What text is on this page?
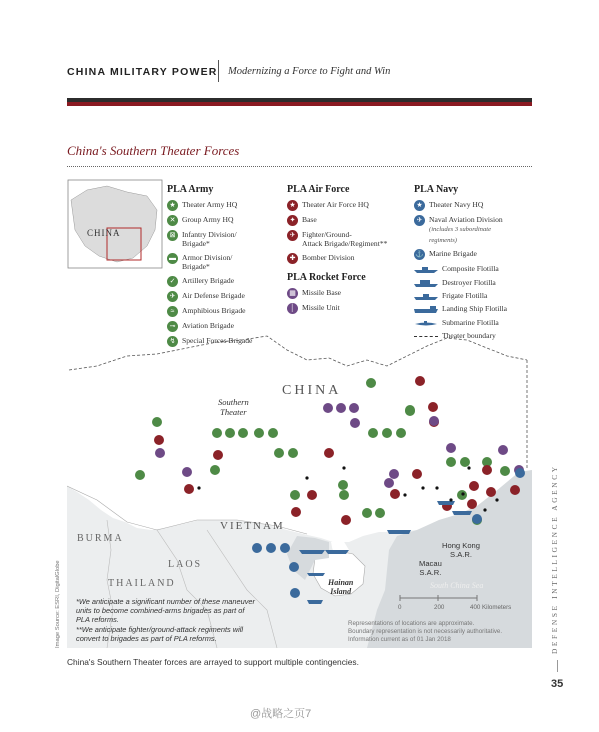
CHINA MILITARY POWER Modernizing a Force to Fight and Win
China's Southern Theater Forces
CHINA
PLA Army
★ Theater Army HQ
✕ Group Army HQ
⊠ Infantry Division/
Brigade*
▬ Armor Division/
Brigade*
✓ Artillery Brigade
✈ Air Defense Brigade
≈ Amphibious Brigade
⊸ Aviation Brigade
↯ Special Forces Brigade
PLA Air Force
★ Theater Air Force HQ
✦ Base
✈ Fighter/Ground-
Attack Brigade/Regiment**
✚ Bomber Division
PLA Rocket Force
▦ Missile Base
│ Missile Unit
PLA Navy
★ Theater Navy HQ
✈ Naval Aviation Division
(includes 3 subordinate
regiments)
⚓ Marine Brigade
Composite Flotilla
Destroyer Flotilla
Frigate Flotilla
Landing Ship Flotilla
Submarine Flotilla
Theater boundary
CHINA
Southern
Theater
VIETNAM
BURMA
LAOS
THAILAND	Hainan
Island
Hong Kong
S.A.R.
Macau
S.A.R.
South China Sea
0	200	400 Kilometers
Representations of locations are approximate.
Boundary representation is not necessarily authoritative.
Information current as of 01 Jan 2018
*We anticipate a significant number of these maneuver
units to become combined-arms brigades as part of
PLA reforms.
**We anticipate fighter/ground-attack regiments will
convert to brigades as part of PLA reforms.
Image Source: ESRI, DigitalGlobe
China's Southern Theater forces are arrayed to support multiple contingencies.
DEFENSE INTELLIGENCE AGENCY
35
@战略之页7
